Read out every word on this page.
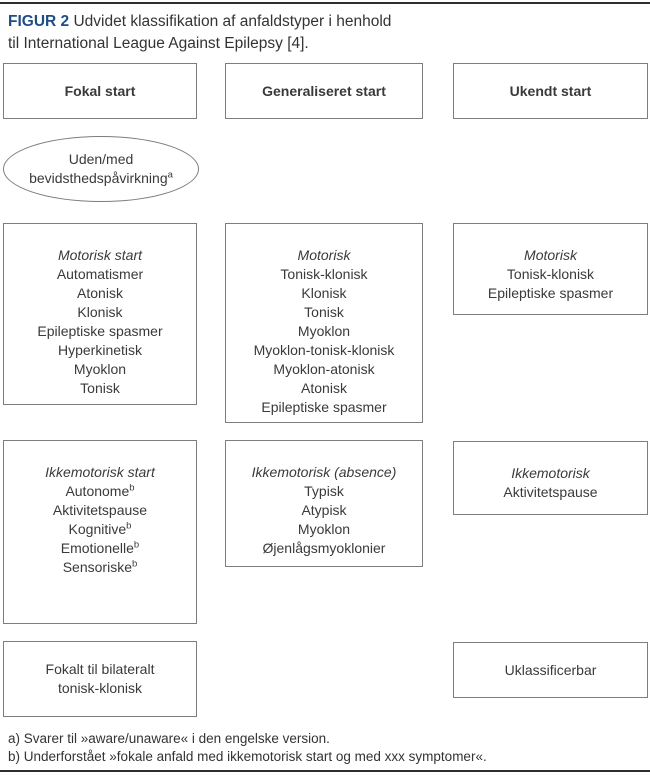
FIGUR 2 Udvidet klassifikation af anfaldstyper i henhold
til International League Against Epilepsy [4].
Fokal start	Generaliseret start	Ukendt start
Uden/med
bevidsthedspåvirkning$^a$
Motorisk start
Automatismer
Atonisk
Klonisk
Epileptiske spasmer
Hyperkinetisk
Myoklon
Tonisk
Motorisk
Tonisk-klonisk
Klonisk
Tonisk
Myoklon
Myoklon-tonisk-klonisk
Myoklon-atonisk
Atonisk
Epileptiske spasmer
Motorisk
Tonisk-klonisk
Epileptiske spasmer
Ikkemotorisk start
Autonome$^b$
Aktivitetspause
Kognitive$^b$
Emotionelle$^b$
Sensoriske$^b$
Ikkemotorisk (absence)
Typisk
Atypisk
Myoklon
Øjenlågsmyoklonier
Ikkemotorisk
Aktivitetspause
Fokalt til bilateralt
tonisk-klonisk
Uklassificerbar
a) Svarer til »aware/unaware« i den engelske version.
b) Underforstået »fokale anfald med ikkemotorisk start og med xxx symptomer«.
